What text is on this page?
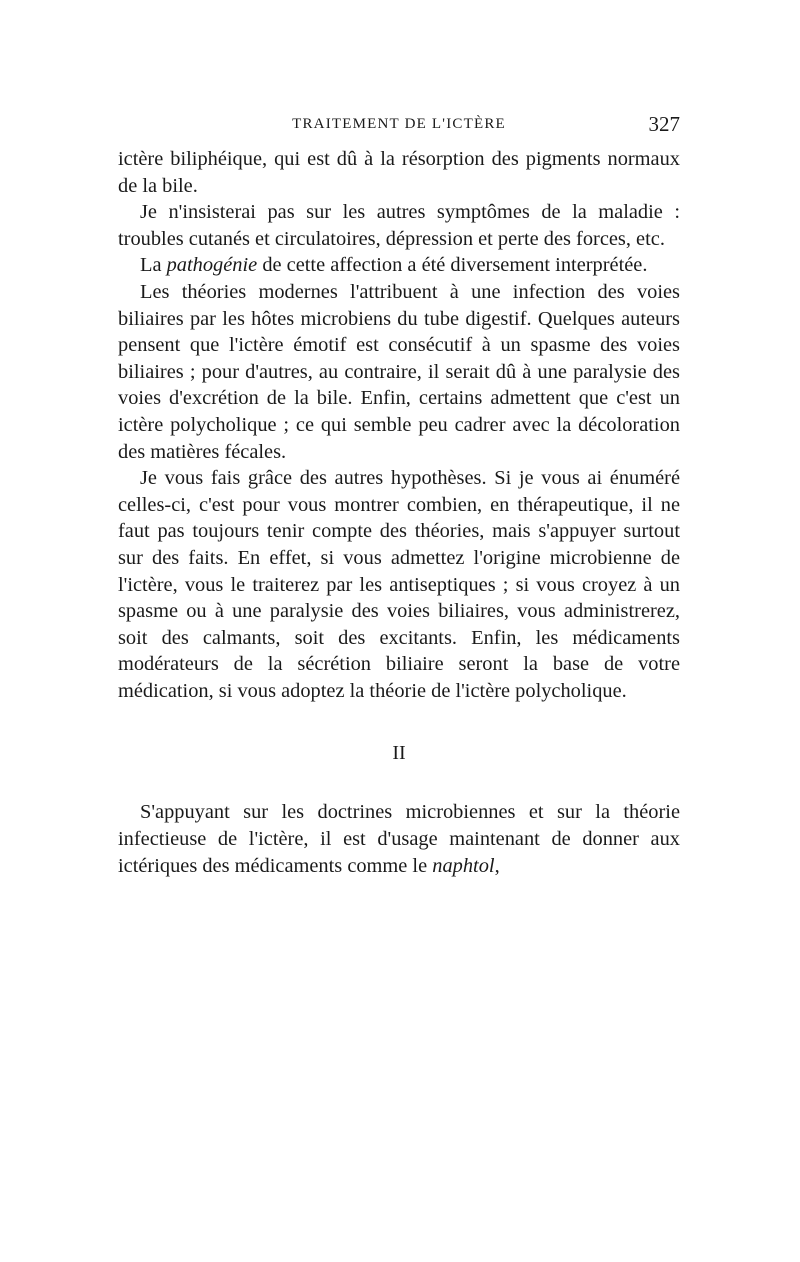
TRAITEMENT DE L'ICTÈRE	327

ictère biliphéique, qui est dû à la résorption des pigments normaux de la bile.

Je n'insisterai pas sur les autres symptômes de la maladie : troubles cutanés et circulatoires, dépression et perte des forces, etc.

La pathogénie de cette affection a été diversement interprétée.

Les théories modernes l'attribuent à une infection des voies biliaires par les hôtes microbiens du tube digestif. Quelques auteurs pensent que l'ictère émotif est consécutif à un spasme des voies biliaires ; pour d'autres, au contraire, il serait dû à une paralysie des voies d'excrétion de la bile. Enfin, certains admettent que c'est un ictère polycholique ; ce qui semble peu cadrer avec la décoloration des matières fécales.

Je vous fais grâce des autres hypothèses. Si je vous ai énuméré celles-ci, c'est pour vous montrer combien, en thérapeutique, il ne faut pas toujours tenir compte des théories, mais s'appuyer surtout sur des faits. En effet, si vous admettez l'origine microbienne de l'ictère, vous le traiterez par les antiseptiques ; si vous croyez à un spasme ou à une paralysie des voies biliaires, vous administrerez, soit des calmants, soit des excitants. Enfin, les médicaments modérateurs de la sécrétion biliaire seront la base de votre médication, si vous adoptez la théorie de l'ictère polycholique.

II

S'appuyant sur les doctrines microbiennes et sur la théorie infectieuse de l'ictère, il est d'usage maintenant de donner aux ictériques des médicaments comme le naphtol,
